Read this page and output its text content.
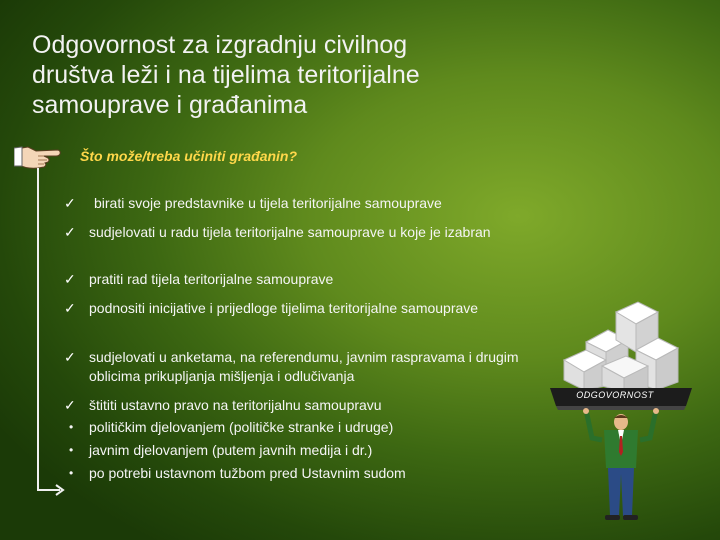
Odgovornost za izgradnju civilnog društva leži i na tijelima teritorijalne samouprave i građanima
Što može/treba učiniti građanin?
✓	birati svoje predstavnike u tijela teritorijalne samouprave
✓ sudjelovati u radu tijela teritorijalne samouprave u koje je izabran
✓ pratiti rad tijela teritorijalne samouprave
✓ podnositi inicijative i prijedloge tijelima teritorijalne samouprave
✓ sudjelovati u anketama, na referendumu, javnim raspravama i drugim oblicima prikupljanja mišljenja i odlučivanja
✓ štititi ustavno pravo na teritorijalnu samoupravu
•	političkim djelovanjem (političke stranke i udruge)
•	javnim djelovanjem (putem javnih medija i dr.)
•	po potrebi ustavnom tužbom pred Ustavnim sudom
ODGOVORNOST
